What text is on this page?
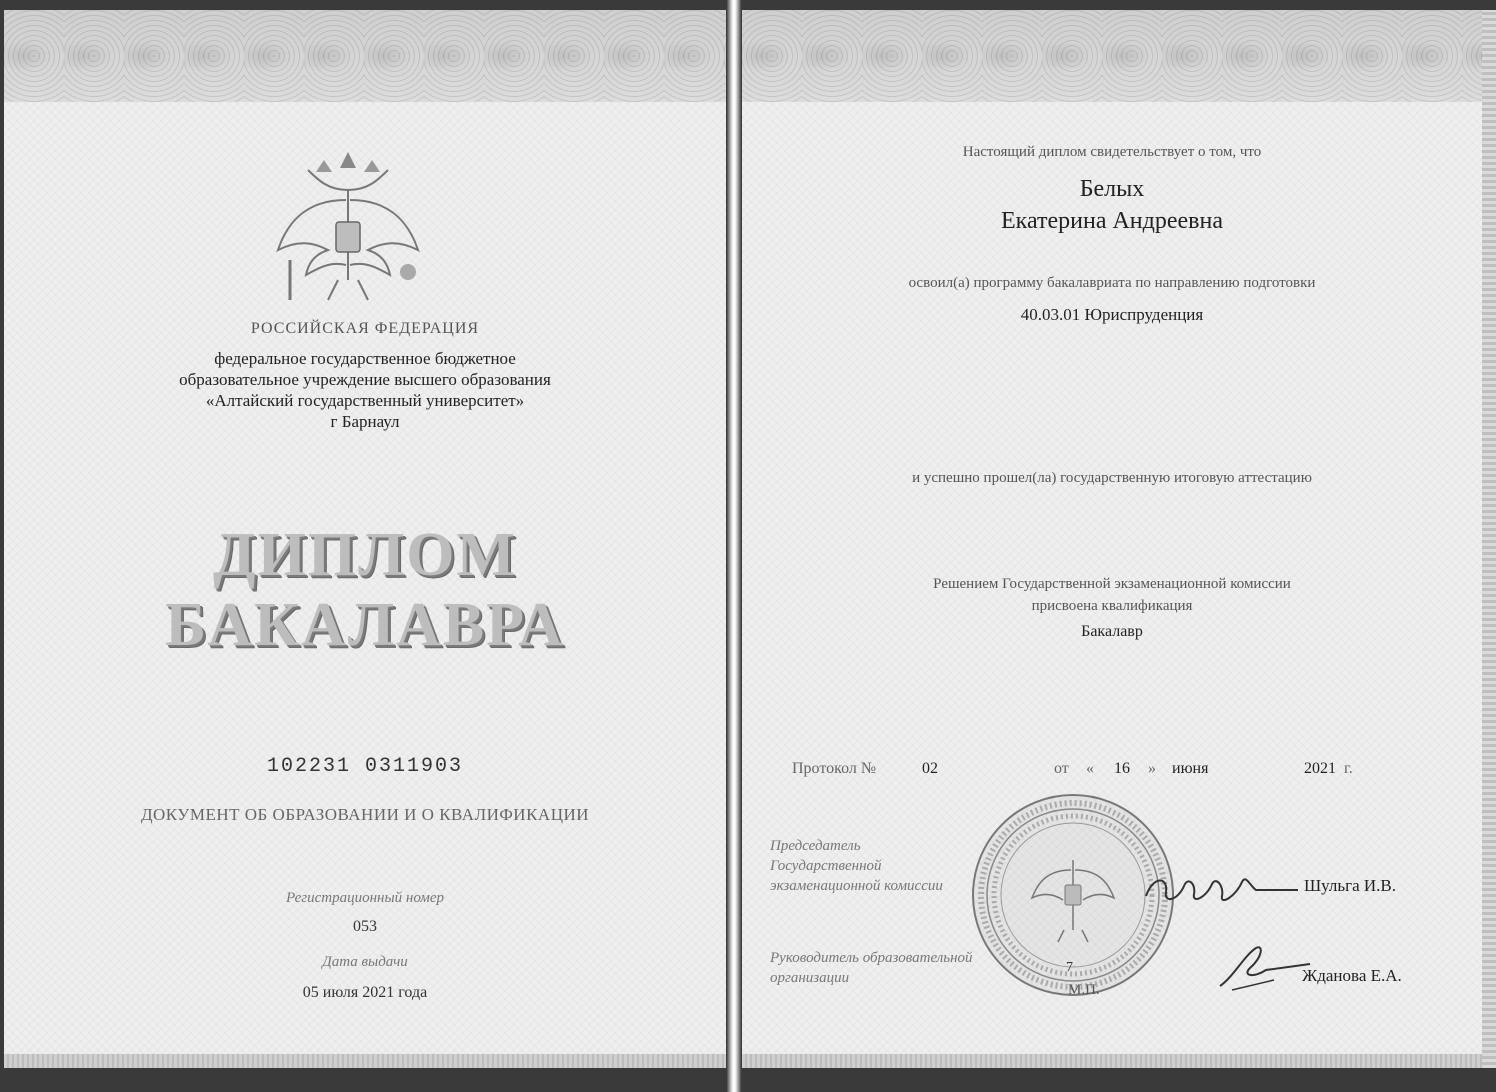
РОССИЙСКАЯ ФЕДЕРАЦИЯ
федеральное государственное бюджетное
образовательное учреждение высшего образования
«Алтайский государственный университет»
г Барнаул
ДИПЛОМ
БАКАЛАВРА
102231 0311903
ДОКУМЕНТ ОБ ОБРАЗОВАНИИ И О КВАЛИФИКАЦИИ
Регистрационный номер
053
Дата выдачи
05 июля 2021 года
Настоящий диплом свидетельствует о том, что
Белых
Екатерина Андреевна
освоил(а) программу бакалавриата по направлению подготовки
40.03.01 Юриспруденция
и успешно прошел(ла) государственную итоговую аттестацию
Решением Государственной экзаменационной комиссии
присвоена квалификация
Бакалавр
Протокол №	02	от « 16 » июня	2021 г.
Председатель
Государственной
экзаменационной комиссии	Шульга И.В.
Руководитель образовательной
организации	Жданова Е.А.
7
М.П.
